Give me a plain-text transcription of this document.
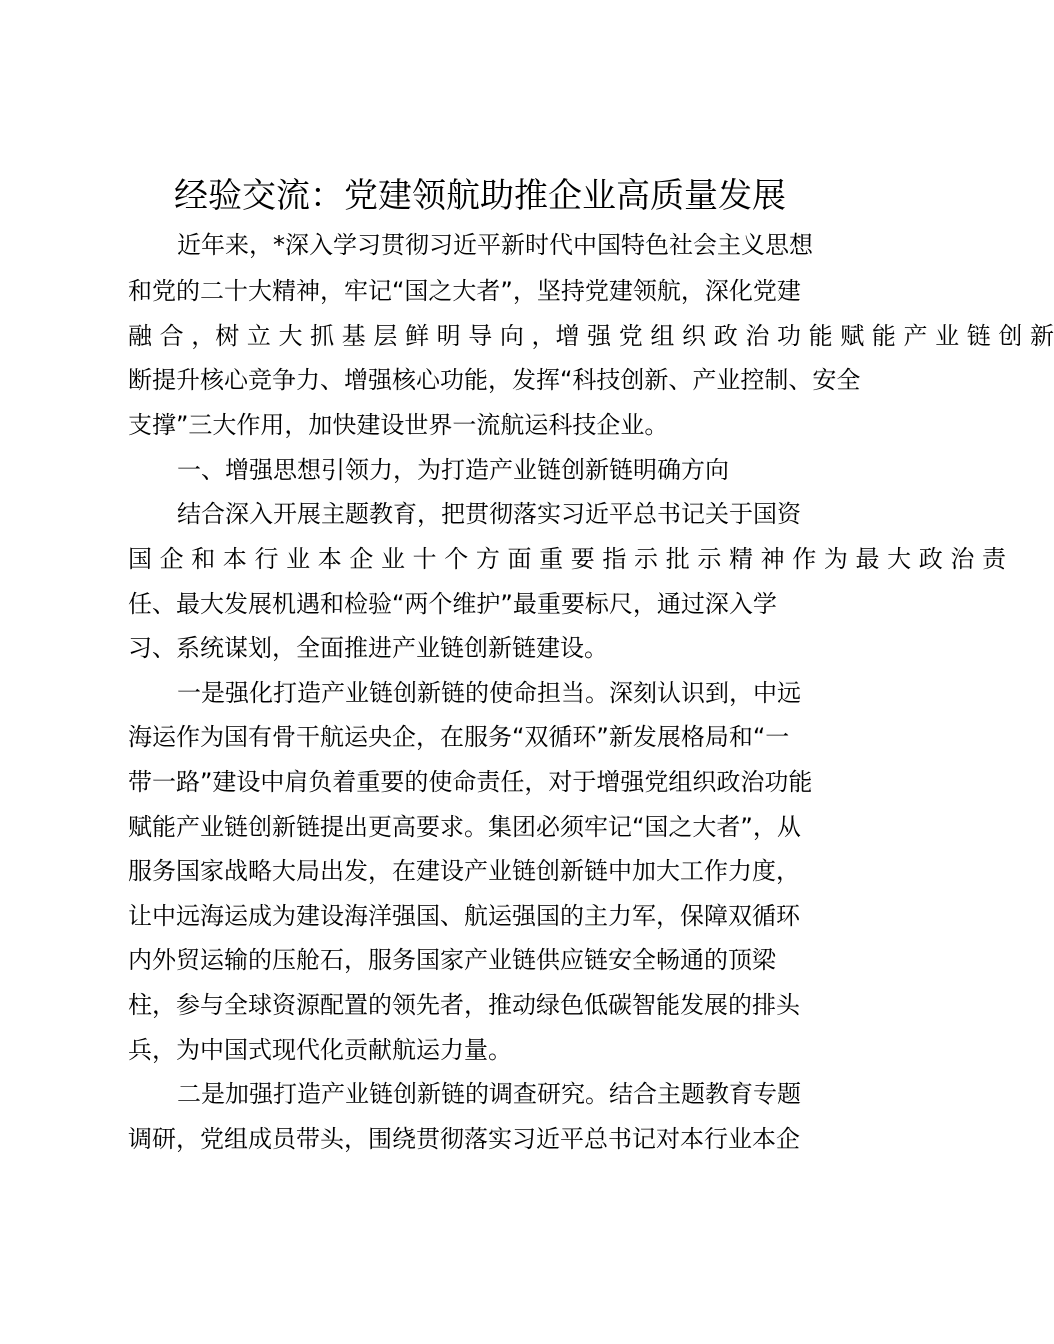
经验交流：党建领航助推企业高质量发展
近年来，*深入学习贯彻习近平新时代中国特色社会主义思想
和党的二十大精神，牢记“国之大者”，坚持党建领航，深化党建
融 合 ，树 立 大 抓 基 层 鲜 明 导 向 ，增 强 党 组 织 政 治 功 能 赋 能 产 业 链 创 新
断提升核心竞争力、增强核心功能，发挥“科技创新、产业控制、安全
支撑”三大作用，加快建设世界一流航运科技企业。
一、增强思想引领力，为打造产业链创新链明确方向
结合深入开展主题教育，把贯彻落实习近平总书记关于国资
国 企 和 本 行 业 本 企 业 十 个 方 面 重 要 指 示 批 示 精 神 作 为 最 大 政 治 责
任、最大发展机遇和检验“两个维护”最重要标尺，通过深入学
习、系统谋划，全面推进产业链创新链建设。
一是强化打造产业链创新链的使命担当。深刻认识到，中远
海运作为国有骨干航运央企，在服务“双循环”新发展格局和“一
带一路”建设中肩负着重要的使命责任，对于增强党组织政治功能
赋能产业链创新链提出更高要求。集团必须牢记“国之大者”，从
服务国家战略大局出发，在建设产业链创新链中加大工作力度，
让中远海运成为建设海洋强国、航运强国的主力军，保障双循环
内外贸运输的压舱石，服务国家产业链供应链安全畅通的顶梁
柱，参与全球资源配置的领先者，推动绿色低碳智能发展的排头
兵，为中国式现代化贡献航运力量。
二是加强打造产业链创新链的调查研究。结合主题教育专题
调研，党组成员带头，围绕贯彻落实习近平总书记对本行业本企
